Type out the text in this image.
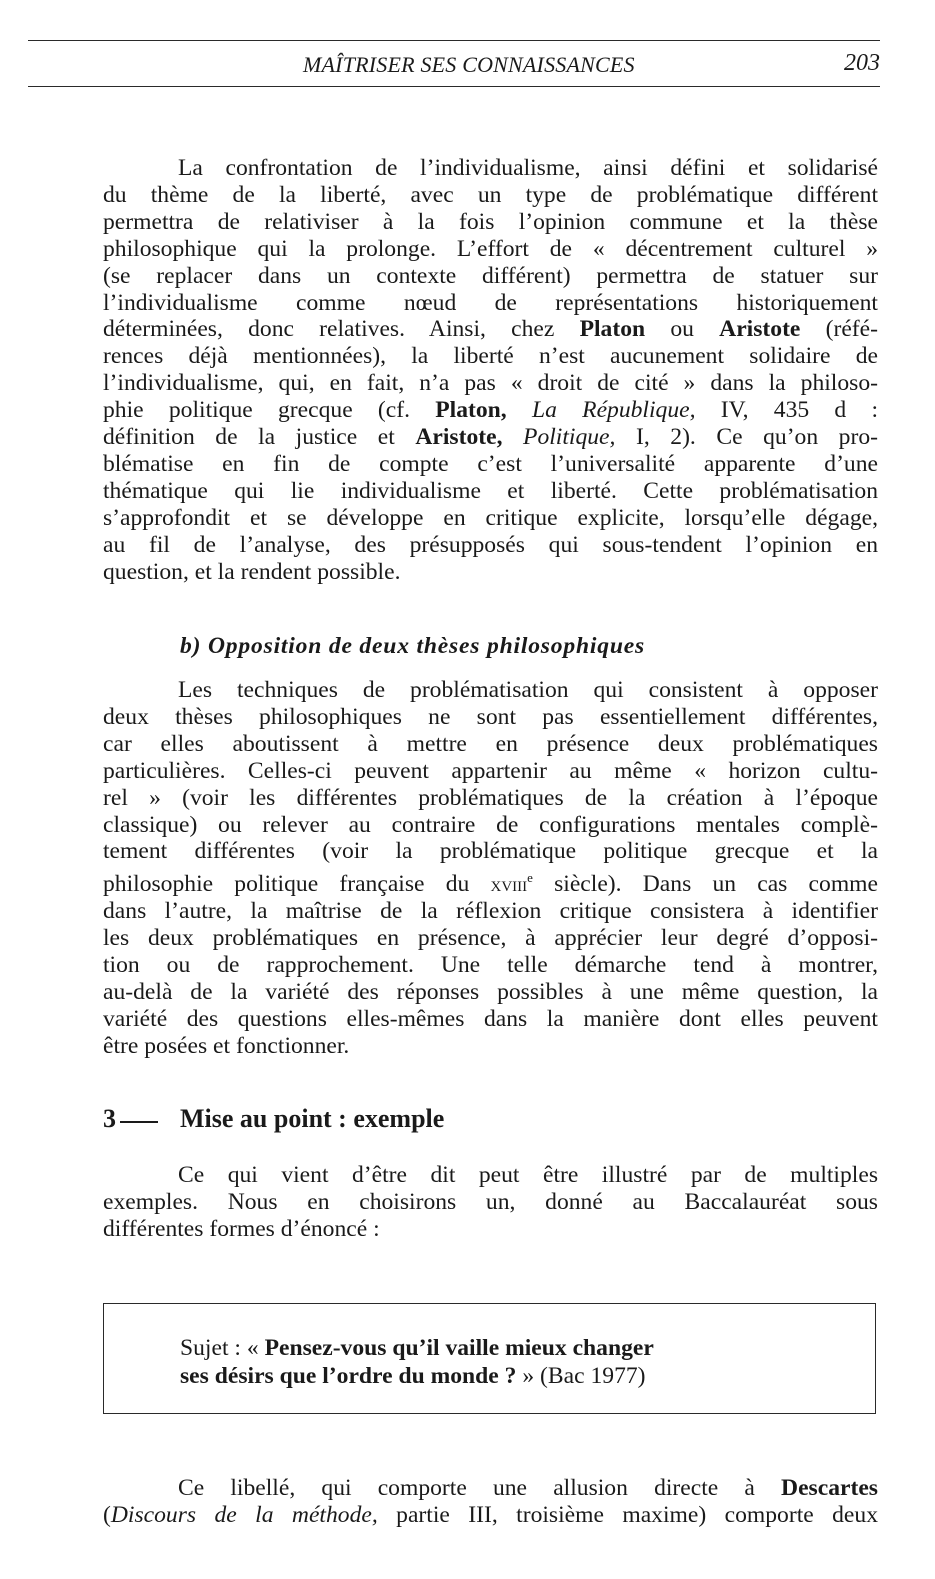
MAÎTRISER SES CONNAISSANCES	203
La confrontation de l’individualisme, ainsi défini et solidarisé
du thème de la liberté, avec un type de problématique différent
permettra de relativiser à la fois l’opinion commune et la thèse
philosophique qui la prolonge. L’effort de « décentrement culturel »
(se replacer dans un contexte différent) permettra de statuer sur
l’individualisme comme nœud de représentations historiquement
déterminées, donc relatives. Ainsi, chez Platon ou Aristote (réfé-
rences déjà mentionnées), la liberté n’est aucunement solidaire de
l’individualisme, qui, en fait, n’a pas « droit de cité » dans la philoso-
phie politique grecque (cf. Platon, La République, IV, 435 d :
définition de la justice et Aristote, Politique, I, 2). Ce qu’on pro-
blématise en fin de compte c’est l’universalité apparente d’une
thématique qui lie individualisme et liberté. Cette problématisation
s’approfondit et se développe en critique explicite, lorsqu’elle dégage,
au fil de l’analyse, des présupposés qui sous-tendent l’opinion en
question, et la rendent possible.
b) Opposition de deux thèses philosophiques
Les techniques de problématisation qui consistent à opposer
deux thèses philosophiques ne sont pas essentiellement différentes,
car elles aboutissent à mettre en présence deux problématiques
particulières. Celles-ci peuvent appartenir au même « horizon cultu-
rel » (voir les différentes problématiques de la création à l’époque
classique) ou relever au contraire de configurations mentales complè-
tement différentes (voir la problématique politique grecque et la
philosophie politique française du xviii$^e$ siècle). Dans un cas comme
dans l’autre, la maîtrise de la réflexion critique consistera à identifier
les deux problématiques en présence, à apprécier leur degré d’opposi-
tion ou de rapprochement. Une telle démarche tend à montrer,
au-delà de la variété des réponses possibles à une même question, la
variété des questions elles-mêmes dans la manière dont elles peuvent
être posées et fonctionner.
3 Mise au point : exemple
Ce qui vient d’être dit peut être illustré par de multiples
exemples. Nous en choisirons un, donné au Baccalauréat sous
différentes formes d’énoncé :
Sujet : « Pensez-vous qu’il vaille mieux changer
ses désirs que l’ordre du monde ? » (Bac 1977)
Ce libellé, qui comporte une allusion directe à Descartes
(Discours de la méthode, partie III, troisième maxime) comporte deux
